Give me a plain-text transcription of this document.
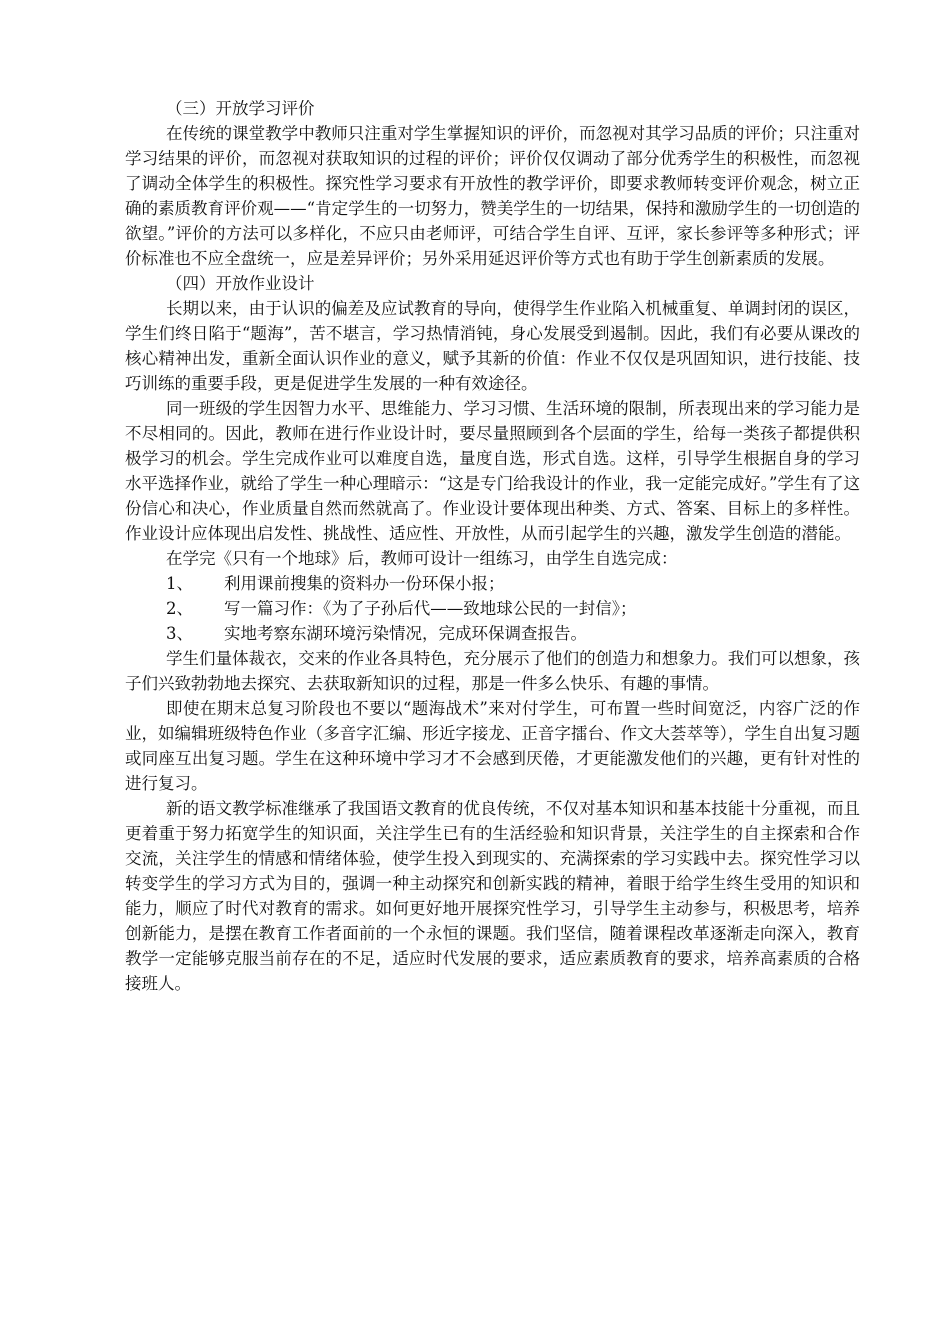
（三）开放学习评价

在传统的课堂教学中教师只注重对学生掌握知识的评价，而忽视对其学习品质的评价；只注重对学习结果的评价，而忽视对获取知识的过程的评价；评价仅仅调动了部分优秀学生的积极性，而忽视了调动全体学生的积极性。探究性学习要求有开放性的教学评价，即要求教师转变评价观念，树立正确的素质教育评价观——“肯定学生的一切努力，赞美学生的一切结果，保持和激励学生的一切创造的欲望。”评价的方法可以多样化，不应只由老师评，可结合学生自评、互评，家长参评等多种形式；评价标准也不应全盘统一，应是差异评价；另外采用延迟评价等方式也有助于学生创新素质的发展。

（四）开放作业设计

长期以来，由于认识的偏差及应试教育的导向，使得学生作业陷入机械重复、单调封闭的误区，学生们终日陷于“题海”，苦不堪言，学习热情消钝，身心发展受到遏制。因此，我们有必要从课改的核心精神出发，重新全面认识作业的意义，赋予其新的价值：作业不仅仅是巩固知识，进行技能、技巧训练的重要手段，更是促进学生发展的一种有效途径。

同一班级的学生因智力水平、思维能力、学习习惯、生活环境的限制，所表现出来的学习能力是不尽相同的。因此，教师在进行作业设计时，要尽量照顾到各个层面的学生，给每一类孩子都提供积极学习的机会。学生完成作业可以难度自选，量度自选，形式自选。这样，引导学生根据自身的学习水平选择作业，就给了学生一种心理暗示：“这是专门给我设计的作业，我一定能完成好。”学生有了这份信心和决心，作业质量自然而然就高了。作业设计要体现出种类、方式、答案、目标上的多样性。作业设计应体现出启发性、挑战性、适应性、开放性，从而引起学生的兴趣，激发学生创造的潜能。

在学完《只有一个地球》后，教师可设计一组练习，由学生自选完成：

1、 利用课前搜集的资料办一份环保小报；

2、 写一篇习作：《为了子孙后代——致地球公民的一封信》；

3、 实地考察东湖环境污染情况，完成环保调查报告。

学生们量体裁衣，交来的作业各具特色，充分展示了他们的创造力和想象力。我们可以想象，孩子们兴致勃勃地去探究、去获取新知识的过程，那是一件多么快乐、有趣的事情。

即使在期末总复习阶段也不要以“题海战术”来对付学生，可布置一些时间宽泛，内容广泛的作业，如编辑班级特色作业（多音字汇编、形近字接龙、正音字擂台、作文大荟萃等），学生自出复习题或同座互出复习题。学生在这种环境中学习才不会感到厌倦，才更能激发他们的兴趣，更有针对性的进行复习。

新的语文教学标准继承了我国语文教育的优良传统，不仅对基本知识和基本技能十分重视，而且更着重于努力拓宽学生的知识面，关注学生已有的生活经验和知识背景，关注学生的自主探索和合作交流，关注学生的情感和情绪体验，使学生投入到现实的、充满探索的学习实践中去。探究性学习以转变学生的学习方式为目的，强调一种主动探究和创新实践的精神，着眼于给学生终生受用的知识和能力，顺应了时代对教育的需求。如何更好地开展探究性学习，引导学生主动参与，积极思考，培养创新能力，是摆在教育工作者面前的一个永恒的课题。我们坚信，随着课程改革逐渐走向深入，教育教学一定能够克服当前存在的不足，适应时代发展的要求，适应素质教育的要求，培养高素质的合格接班人。
